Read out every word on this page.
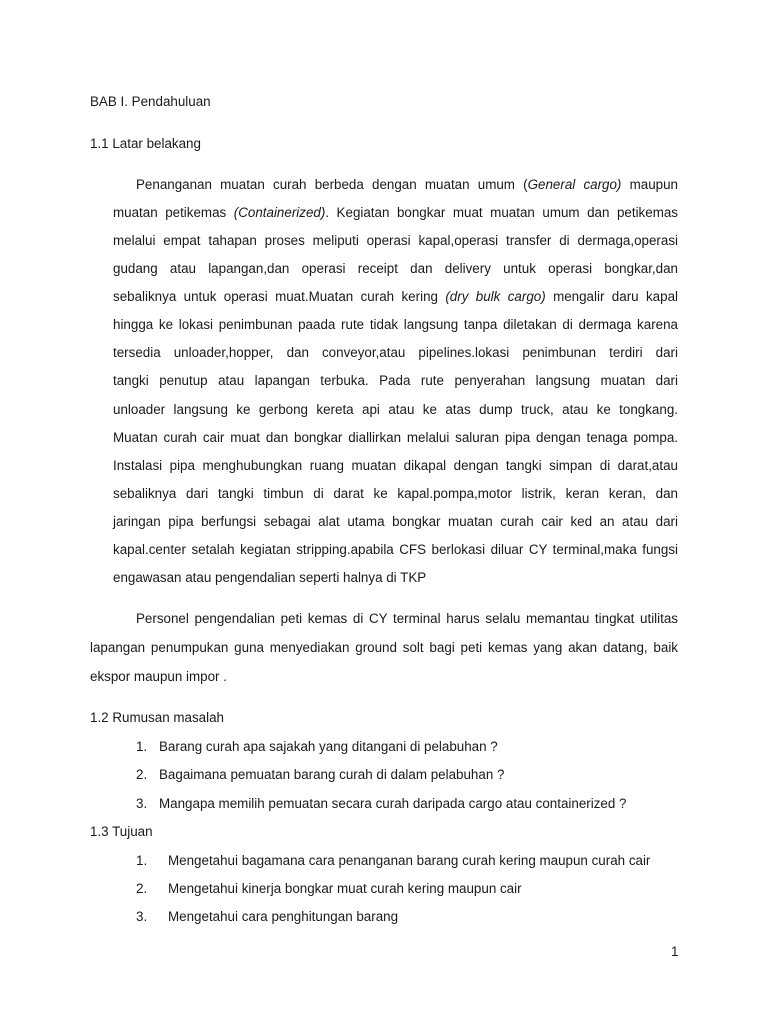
BAB I. Pendahuluan
1.1 Latar belakang
Penanganan muatan curah berbeda dengan muatan umum (General cargo) maupun
muatan petikemas (Containerized). Kegiatan bongkar muat muatan umum dan petikemas
melalui empat tahapan proses meliputi operasi kapal,operasi transfer di dermaga,operasi
gudang atau lapangan,dan operasi receipt dan delivery untuk operasi bongkar,dan
sebaliknya untuk operasi muat.Muatan curah kering (dry bulk cargo) mengalir daru kapal
hingga ke lokasi penimbunan paada rute tidak langsung tanpa diletakan di dermaga karena
tersedia unloader,hopper, dan conveyor,atau pipelines.lokasi penimbunan terdiri dari
tangki penutup atau lapangan terbuka. Pada rute penyerahan langsung muatan dari
unloader langsung ke gerbong kereta api atau ke atas dump truck, atau ke tongkang.
Muatan curah cair muat dan bongkar diallirkan melalui saluran pipa dengan tenaga pompa.
Instalasi pipa menghubungkan ruang muatan dikapal dengan tangki simpan di darat,atau
sebaliknya dari tangki timbun di darat ke kapal.pompa,motor listrik, keran keran, dan
jaringan pipa berfungsi sebagai alat utama bongkar muatan curah cair ked an atau dari
kapal.center setalah kegiatan stripping.apabila CFS berlokasi diluar CY terminal,maka fungsi
engawasan atau pengendalian seperti halnya di TKP
Personel pengendalian peti kemas di CY terminal harus selalu memantau tingkat utilitas
lapangan penumpukan guna menyediakan ground solt bagi peti kemas yang akan datang, baik
ekspor maupun impor .
1.2 Rumusan masalah
1. Barang curah apa sajakah yang ditangani di pelabuhan ?
2. Bagaimana pemuatan barang curah di dalam pelabuhan ?
3. Mangapa memilih pemuatan secara curah daripada cargo atau containerized ?
1.3 Tujuan
1. Mengetahui bagamana cara penanganan barang curah kering maupun curah cair
2. Mengetahui kinerja bongkar muat curah kering maupun cair
3. Mengetahui cara penghitungan barang
1
